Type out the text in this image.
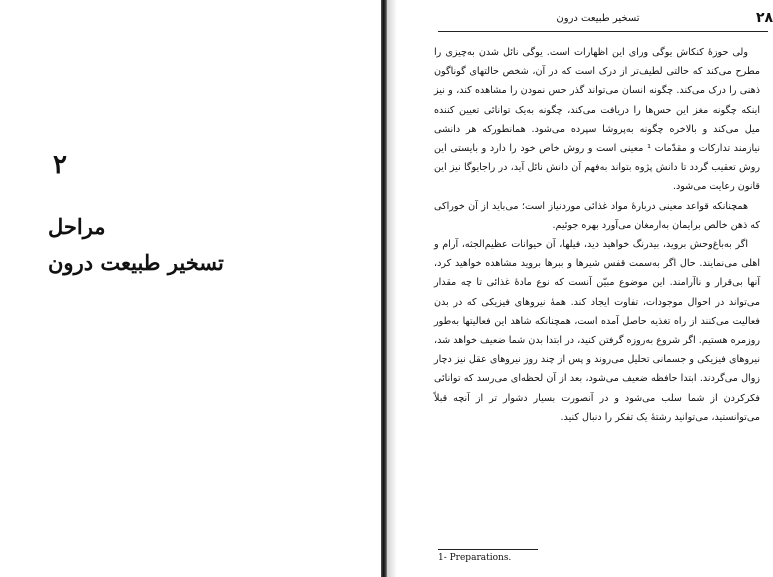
۲
مراحل
تسخیر طبیعت درون
۲۸
تسخیر طبیعت درون

ولی حوزهٔ کنکاش یوگی ورای این اظهارات است. یوگی نائل شدن به‌چیزی را مطرح می‌کند که حالتی لطیف‌تر از درک است که در آن، شخص حالتهای گوناگون ذهنی را درک می‌کند. چگونه انسان می‌تواند گذر حس نمودن را مشاهده کند، و نیز اینکه چگونه مغز این حس‌ها را دریافت می‌کند، چگونه به‌یک توانائی تعیین کننده میل می‌کند و بالاخره چگونه به‌پروشا سپرده می‌شود. همانطورکه هر دانشی نیازمند تدارکات و مقدّمات ¹ معینی است و روش خاص خود را دارد و بایستی این روش تعقیب گردد تا دانش پژوه بتواند به‌فهم آن دانش نائل آید، در راجایوگا نیز این قانون رعایت می‌شود.

همچنانکه قواعد معینی دربارهٔ مواد غذائی موردنیاز است؛ می‌باید از آن خوراکی که ذهن خالص برایمان به‌ارمغان می‌آورد بهره جوئیم.

اگر به‌باغ‌وحش بروید، بیدرنگ خواهید دید، فیلها، آن حیوانات عظیم‌الجثه، آرام و اهلی می‌نمایند. حال اگر به‌سمت قفس شیرها و ببرها بروید مشاهده خواهید کرد، آنها بی‌قرار و ناآرامند. این موضوع مبیّن آنست که نوع مادهٔ غذائی تا چه مقدار می‌تواند در احوال موجودات، تفاوت ایجاد کند. همهٔ نیروهای فیزیکی که در بدن فعالیت می‌کنند از راه تغذیه حاصل آمده است، همچنانکه شاهد این فعالیتها به‌طور روزمره هستیم. اگر شروع به‌روزه گرفتن کنید، در ابتدا بدن شما ضعیف خواهد شد، نیروهای فیزیکی و جسمانی تحلیل می‌روند و پس از چند روز نیروهای عقل نیز دچار زوال می‌گردند. ابتدا حافظه ضعیف می‌شود، بعد از آن لحظه‌ای می‌رسد که توانائی فکرکردن از شما سلب می‌شود و در آنصورت بسیار دشوار تر از آنچه قبلاً می‌توانستید، می‌توانید رشتهٔ یک تفکر را دنبال کنید.

1- Preparations.
